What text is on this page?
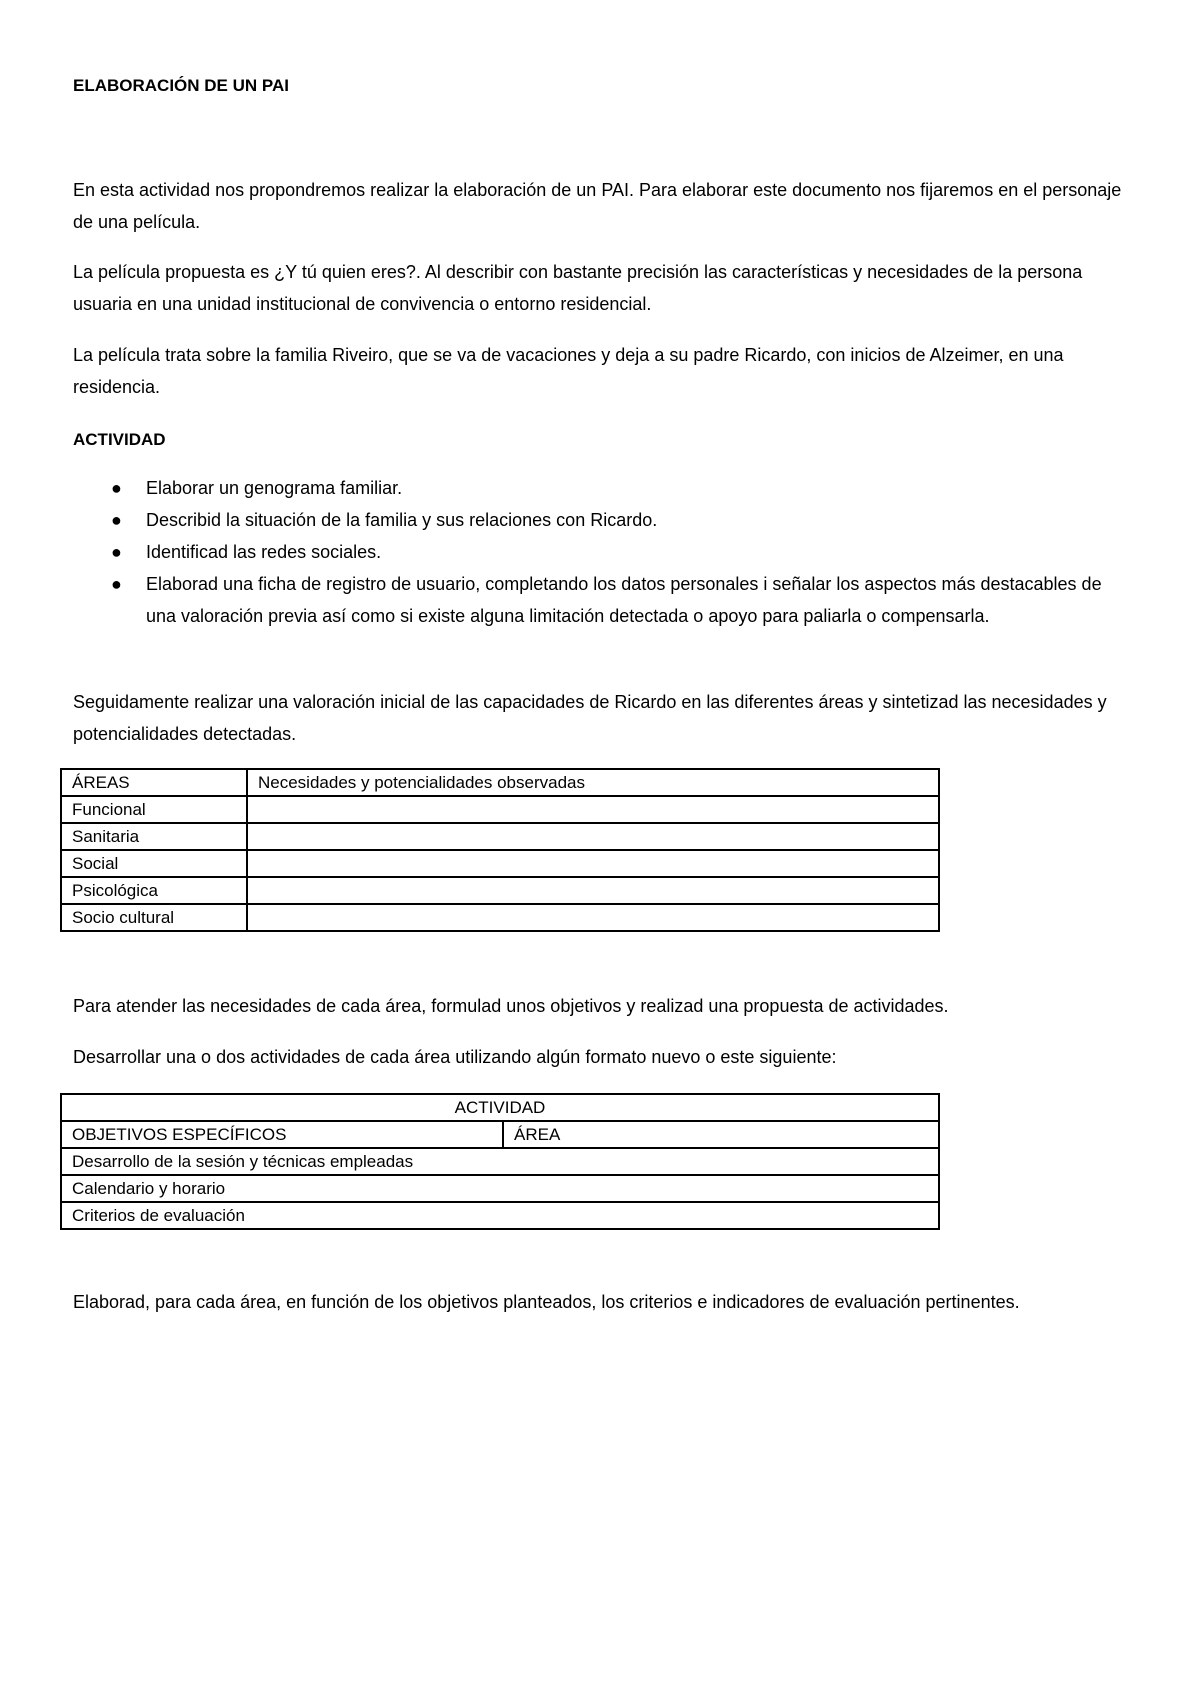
ELABORACIÓN DE UN PAI

En esta actividad nos propondremos realizar la elaboración de un PAI. Para elaborar este documento nos fijaremos en el personaje de una película.

La película propuesta es ¿Y tú quien eres?. Al describir con bastante precisión las características y necesidades de la persona usuaria en una unidad institucional de convivencia o entorno residencial.

La película trata sobre la familia Riveiro, que se va de vacaciones y deja a su padre Ricardo, con inicios de Alzeimer, en una residencia.

ACTIVIDAD
● Elaborar un genograma familiar.
● Describid la situación de la familia y sus relaciones con Ricardo.
● Identificad las redes sociales.
● Elaborad una ficha de registro de usuario, completando los datos personales i señalar los aspectos más destacables de una valoración previa así como si existe alguna limitación detectada o apoyo para paliarla o compensarla.

Seguidamente realizar una valoración inicial de las capacidades de Ricardo en las diferentes áreas y sintetizad las necesidades y potencialidades detectadas.

ÁREAS	Necesidades y potencialidades observadas
Funcional	
Sanitaria	
Social	
Psicológica	
Socio cultural	

Para atender las necesidades de cada área, formulad unos objetivos y realizad una propuesta de actividades.

Desarrollar una o dos actividades de cada área utilizando algún formato nuevo o este siguiente:

ACTIVIDAD
OBJETIVOS ESPECÍFICOS	ÁREA
Desarrollo de la sesión y técnicas empleadas
Calendario y horario
Criterios de evaluación

Elaborad, para cada área, en función de los objetivos planteados, los criterios e indicadores de evaluación pertinentes.
